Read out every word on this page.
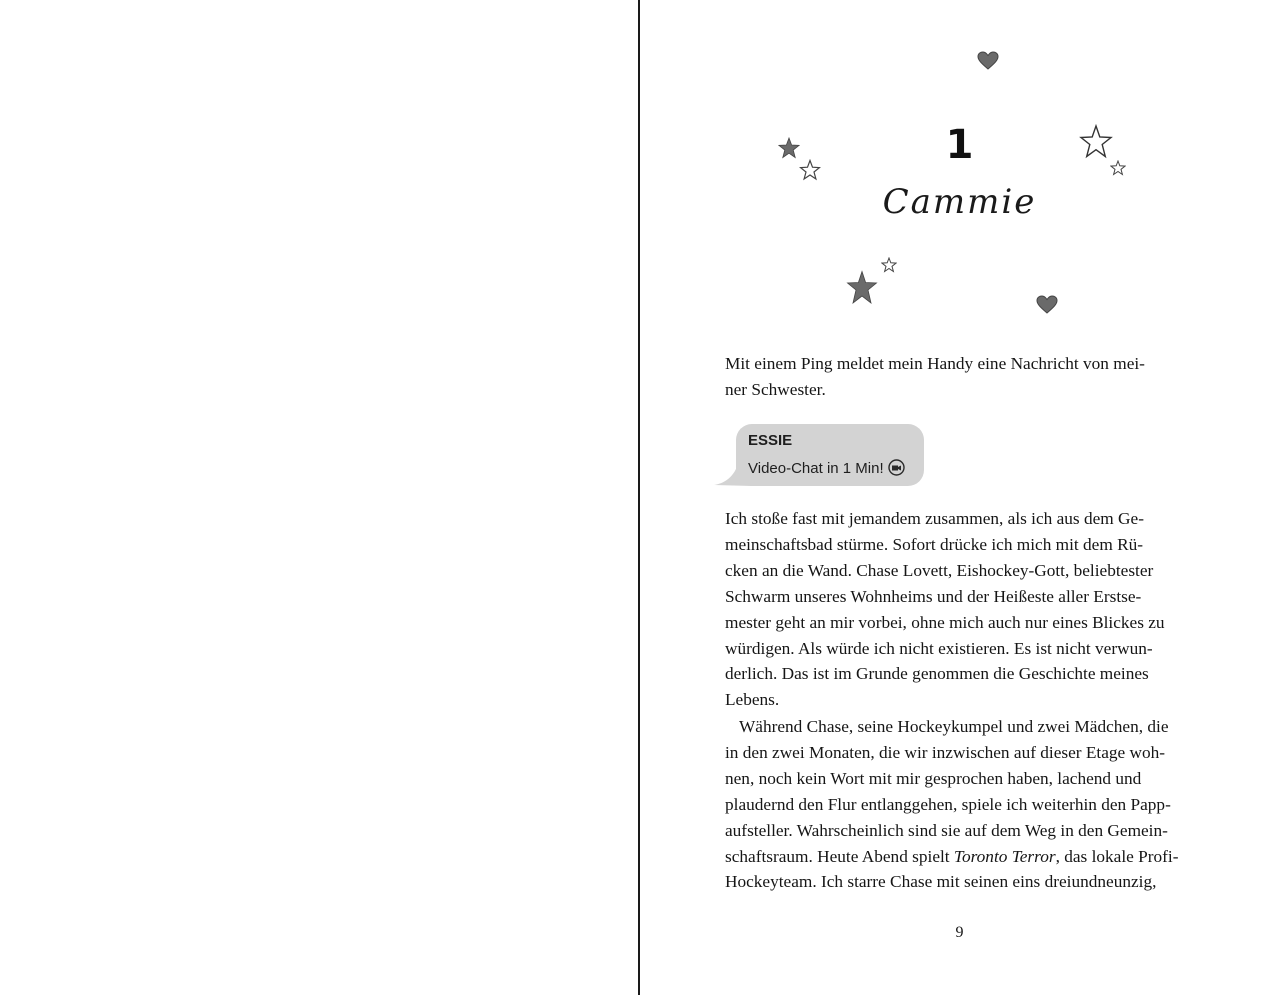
1
Cammie
Mit einem Ping meldet mein Handy eine Nachricht von mei-
ner Schwester.
ESSIE
Video-Chat in 1 Min!
Ich stoße fast mit jemandem zusammen, als ich aus dem Ge-
meinschaftsbad stürme. Sofort drücke ich mich mit dem Rü-
cken an die Wand. Chase Lovett, Eishockey-Gott, beliebtester
Schwarm unseres Wohnheims und der Heißeste aller Erstse-
mester geht an mir vorbei, ohne mich auch nur eines Blickes zu
würdigen. Als würde ich nicht existieren. Es ist nicht verwun-
derlich. Das ist im Grunde genommen die Geschichte meines
Lebens.
Während Chase, seine Hockeykumpel und zwei Mädchen, die
in den zwei Monaten, die wir inzwischen auf dieser Etage woh-
nen, noch kein Wort mit mir gesprochen haben, lachend und
plaudernd den Flur entlanggehen, spiele ich weiterhin den Papp-
aufsteller. Wahrscheinlich sind sie auf dem Weg in den Gemein-
schaftsraum. Heute Abend spielt Toronto Terror, das lokale Profi-
Hockeyteam. Ich starre Chase mit seinen eins dreiundneunzig,
9
